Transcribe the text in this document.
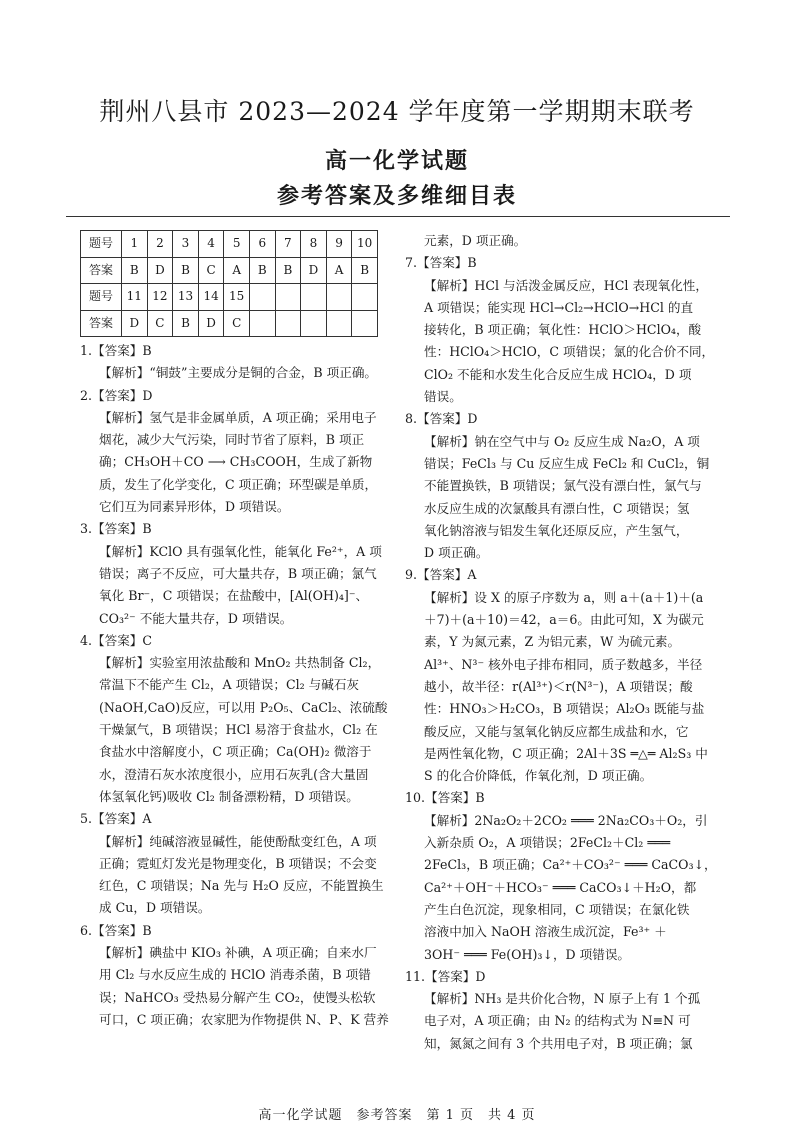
荆州八县市 2023—2024 学年度第一学期期末联考
高一化学试题
参考答案及多维细目表
题号	1	2	3	4	5	6	7	8	9	10
答案	B	D	B	C	A	B	B	D	A	B
题号	11	12	13	14	15					
答案	D	C	B	D	C					
1.【答案】B
【解析】“铜鼓”主要成分是铜的合金，B 项正确。
2.【答案】D
【解析】氢气是非金属单质，A 项正确；采用电子
烟花，减少大气污染，同时节省了原料，B 项正
确；CH₃OH＋CO ⟶ CH₃COOH，生成了新物
质，发生了化学变化，C 项正确；环型碳是单质，
它们互为同素异形体，D 项错误。
3.【答案】B
【解析】KClO 具有强氧化性，能氧化 Fe²⁺，A 项
错误；离子不反应，可大量共存，B 项正确；氯气
氧化 Br⁻，C 项错误；在盐酸中，[Al(OH)₄]⁻、
CO₃²⁻ 不能大量共存，D 项错误。
4.【答案】C
【解析】实验室用浓盐酸和 MnO₂ 共热制备 Cl₂，
常温下不能产生 Cl₂，A 项错误；Cl₂ 与碱石灰
(NaOH,CaO)反应，可以用 P₂O₅、CaCl₂、浓硫酸
干燥氯气，B 项错误；HCl 易溶于食盐水，Cl₂ 在
食盐水中溶解度小，C 项正确；Ca(OH)₂ 微溶于
水，澄清石灰水浓度很小，应用石灰乳(含大量固
体氢氧化钙)吸收 Cl₂ 制备漂粉精，D 项错误。
5.【答案】A
【解析】纯碱溶液显碱性，能使酚酞变红色，A 项
正确；霓虹灯发光是物理变化，B 项错误；不会变
红色，C 项错误；Na 先与 H₂O 反应，不能置换生
成 Cu，D 项错误。
6.【答案】B
【解析】碘盐中 KIO₃ 补碘，A 项正确；自来水厂
用 Cl₂ 与水反应生成的 HClO 消毒杀菌，B 项错
误；NaHCO₃ 受热易分解产生 CO₂，使馒头松软
可口，C 项正确；农家肥为作物提供 N、P、K 营养
元素，D 项正确。
7.【答案】B
【解析】HCl 与活泼金属反应，HCl 表现氧化性，
A 项错误；能实现 HCl→Cl₂→HClO→HCl 的直
接转化，B 项正确；氧化性：HClO＞HClO₄，酸
性：HClO₄＞HClO，C 项错误；氯的化合价不同，
ClO₂ 不能和水发生化合反应生成 HClO₄，D 项
错误。
8.【答案】D
【解析】钠在空气中与 O₂ 反应生成 Na₂O，A 项
错误；FeCl₃ 与 Cu 反应生成 FeCl₂ 和 CuCl₂，铜
不能置换铁，B 项错误；氯气没有漂白性，氯气与
水反应生成的次氯酸具有漂白性，C 项错误；氢
氧化钠溶液与铝发生氧化还原反应，产生氢气，
D 项正确。
9.【答案】A
【解析】设 X 的原子序数为 a，则 a＋(a＋1)＋(a
＋7)＋(a＋10)＝42，a＝6。由此可知，X 为碳元
素，Y 为氮元素，Z 为铝元素，W 为硫元素。
Al³⁺、N³⁻ 核外电子排布相同，质子数越多，半径
越小，故半径：r(Al³⁺)＜r(N³⁻)，A 项错误；酸
性：HNO₃＞H₂CO₃，B 项错误；Al₂O₃ 既能与盐
酸反应，又能与氢氧化钠反应都生成盐和水，它
是两性氧化物，C 项正确；2Al＋3S ═△═ Al₂S₃ 中
S 的化合价降低，作氧化剂，D 项正确。
10.【答案】B
【解析】2Na₂O₂＋2CO₂ ═══ 2Na₂CO₃＋O₂，引
入新杂质 O₂，A 项错误；2FeCl₂＋Cl₂ ═══
2FeCl₃，B 项正确；Ca²⁺＋CO₃²⁻ ═══ CaCO₃↓，
Ca²⁺＋OH⁻＋HCO₃⁻ ═══ CaCO₃↓＋H₂O，都
产生白色沉淀，现象相同，C 项错误；在氯化铁
溶液中加入 NaOH 溶液生成沉淀，Fe³⁺ ＋
3OH⁻ ═══ Fe(OH)₃↓，D 项错误。
11.【答案】D
【解析】NH₃ 是共价化合物，N 原子上有 1 个孤
电子对，A 项正确；由 N₂ 的结构式为 N≡N 可
知，氮氮之间有 3 个共用电子对，B 项正确；氯
高一化学试题　参考答案　第 1 页　共 4 页
